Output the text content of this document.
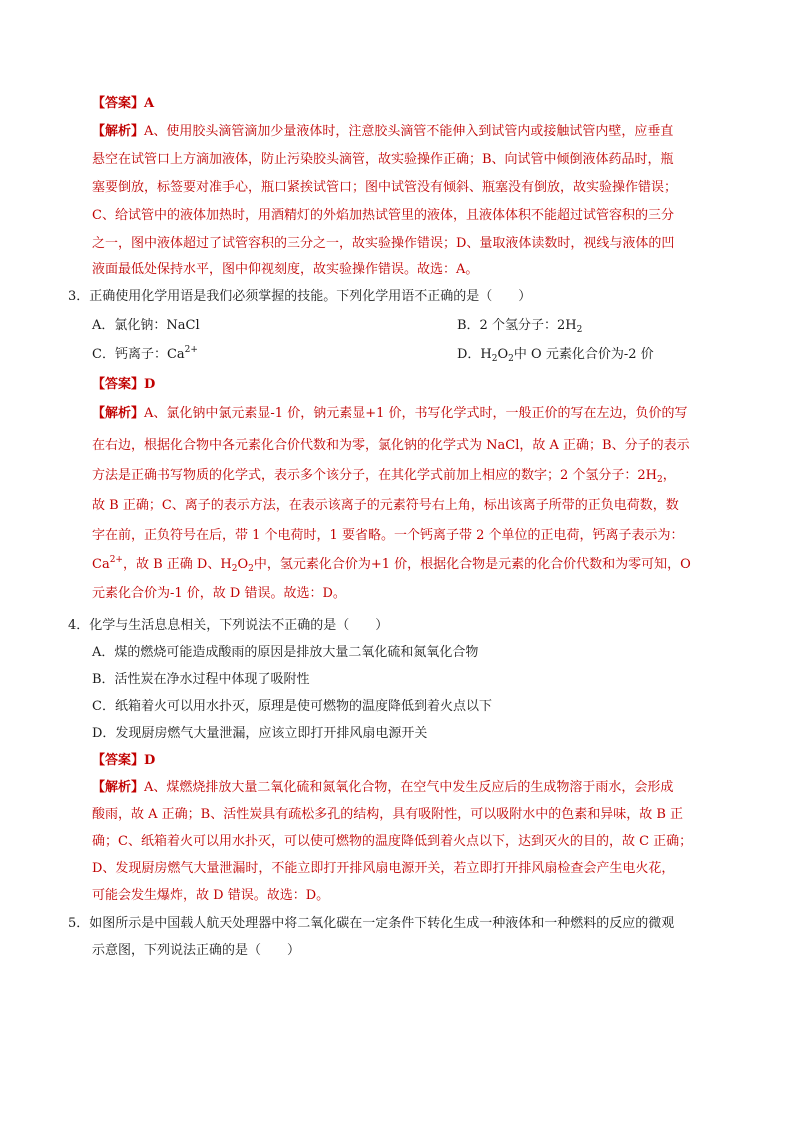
【答案】A
【解析】A、使用胶头滴管滴加少量液体时，注意胶头滴管不能伸入到试管内或接触试管内壁，应垂直
悬空在试管口上方滴加液体，防止污染胶头滴管，故实验操作正确；B、向试管中倾倒液体药品时，瓶
塞要倒放，标签要对准手心，瓶口紧挨试管口；图中试管没有倾斜、瓶塞没有倒放，故实验操作错误；
C、给试管中的液体加热时，用酒精灯的外焰加热试管里的液体，且液体体积不能超过试管容积的三分
之一，图中液体超过了试管容积的三分之一，故实验操作错误；D、量取液体读数时，视线与液体的凹
液面最低处保持水平，图中仰视刻度，故实验操作错误。故选：A。
3．正确使用化学用语是我们必须掌握的技能。下列化学用语不正确的是（　　）
A．氯化钠：NaCl	B．2 个氢分子：$2H_2$
C．钙离子：$Ca^{2+}$	D．$H_2O_2$中 O 元素化合价为-2 价
【答案】D
【解析】A、氯化钠中氯元素显-1 价，钠元素显+1 价，书写化学式时，一般正价的写在左边，负价的写
在右边，根据化合物中各元素化合价代数和为零，氯化钠的化学式为 NaCl，故 A 正确；B、分子的表示
方法是正确书写物质的化学式，表示多个该分子，在其化学式前加上相应的数字；2 个氢分子：$2H_2$，
故 B 正确；C、离子的表示方法，在表示该离子的元素符号右上角，标出该离子所带的正负电荷数，数
字在前，正负符号在后，带 1 个电荷时，1 要省略。一个钙离子带 2 个单位的正电荷，钙离子表示为：
$Ca^{2+}$，故 B 正确 D、$H_2O_2$中，氢元素化合价为+1 价，根据化合物是元素的化合价代数和为零可知，O
元素化合价为-1 价，故 D 错误。故选：D。
4．化学与生活息息相关，下列说法不正确的是（　　）
A．煤的燃烧可能造成酸雨的原因是排放大量二氧化硫和氮氧化合物
B．活性炭在净水过程中体现了吸附性
C．纸箱着火可以用水扑灭，原理是使可燃物的温度降低到着火点以下
D．发现厨房燃气大量泄漏，应该立即打开排风扇电源开关
【答案】D
【解析】A、煤燃烧排放大量二氧化硫和氮氧化合物，在空气中发生反应后的生成物溶于雨水，会形成
酸雨，故 A 正确；B、活性炭具有疏松多孔的结构，具有吸附性，可以吸附水中的色素和异味，故 B 正
确；C、纸箱着火可以用水扑灭，可以使可燃物的温度降低到着火点以下，达到灭火的目的，故 C 正确；
D、发现厨房燃气大量泄漏时，不能立即打开排风扇电源开关，若立即打开排风扇检查会产生电火花，
可能会发生爆炸，故 D 错误。故选：D。
5．如图所示是中国载人航天处理器中将二氧化碳在一定条件下转化生成一种液体和一种燃料的反应的微观
示意图，下列说法正确的是（　　）
